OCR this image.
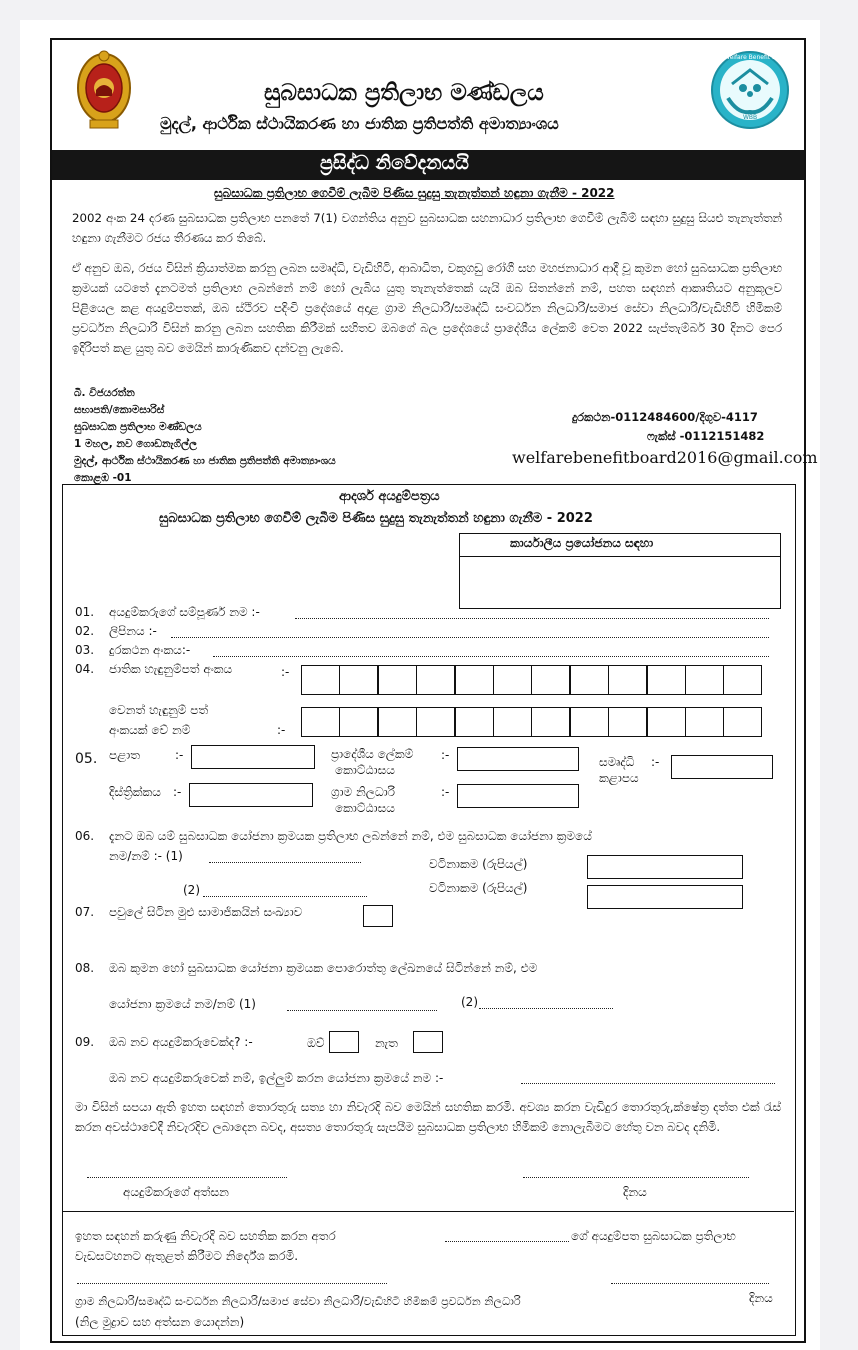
සුබසාධක ප්‍රතිලාභ මණ්ඩලය
මුදල්, ආර්ථික ස්ථායිකරණ හා ජාතික ප්‍රතිපත්ති අමාත්‍යාංශය
Welfare Benefit Board
WBB
ප්‍රසිද්ධ නිවේදනයයි
සුබසාධක ප්‍රතිලාභ ගෙවීම් ලැබීම පිණිස සුදුසු තැනැත්තන් හඳුනා ගැනීම - 2022
2002 අංක 24 දරණ සුබසාධක ප්‍රතිලාභ පනතේ 7(1) වගන්තිය අනුව සුබසාධක සහනාධාර ප්‍රතිලාභ ගෙවීම් ලැබීම් සඳහා සුදුසු සියළු තැනැත්තන් හඳුනා ගැනීමට රජය තීරණය කර තිබේ.
ඒ අනුව ඔබ, රජය විසින් ක්‍රියාත්මක කරනු ලබන සමෘද්ධි, වැඩිහිටි, ආබාධිත, වකුගඩු රෝගී සහ මහජනාධාර ආදී වූ කුමන හෝ සුබසාධක ප්‍රතිලාභ ක්‍රමයක් යටතේ දැනටමත් ප්‍රතිලාභ ලබන්නේ නම් හෝ ලැබිය යුතු තැනැත්තෙක් යැයි ඔබ සිතන්නේ නම්, පහත සඳහන් ආකෘතියට අනුකූලව පිළියෙල කළ අයදුම්පතක්, ඔබ ස්ථිරව පදිංචි ප්‍රදේශයේ අදාළ ග්‍රාම නිලධාරි/සමෘද්ධි සංවර්ධන නිලධාරි/සමාජ සේවා නිලධාරි/වැඩිහිටි හිමිකම් ප්‍රවර්ධන නිලධාරි විසින් කරනු ලබන සහතික කිරීමක් සහිතව ඔබගේ බල ප්‍රදේශයේ ප්‍රාදේශීය ලේකම් වෙත 2022 සැප්තැම්බර් 30 දිනට පෙර ඉදිරිපත් කළ යුතු බව මෙයින් කාරුණිකව දන්වනු ලැබේ.
බී. විජයරත්න
සභාපති/කොමසාරිස්
සුබසාධක ප්‍රතිලාභ මණ්ඩලය
1 මහල, නව ගොඩනැගිල්ල
මුදල්, ආර්ථික ස්ථායිකරණ හා ජාතික ප්‍රතිපත්ති අමාත්‍යාංශය
කොළඹ -01
දුරකථන-0112484600/දිගුව-4117
ෆැක්ස් -0112151482
welfarebenefitboard2016@gmail.com
ආදර්ශ අයදුම්පත්‍රය
සුබසාධක ප්‍රතිලාභ ගෙවීම් ලැබීම පිණිස සුදුසු තැනැත්තන් හඳුනා ගැනීම - 2022
කාර්යාලීය ප්‍රයෝජනය සඳහා
01. අයදුම්කරුගේ සම්පූර්ණ නම :-
02. ලිපිනය :-
03. දුරකථන අංකය:-
04. ජාතික හැඳුනුම්පත් අංකය	:-
වෙනත් හැඳුනුම් පත්
අංකයක් වේ නම්	:-
05. පළාත	:-	ප්‍රාදේශීය ලේකම්
කොට්ඨාසය
:-	සමෘද්ධි
කළාපය
:-
දිස්ත්‍රික්කය :-	ග්‍රාම නිලධාරි
කොට්ඨාසය
:-
06. දැනට ඔබ යම් සුබසාධක යෝජනා ක්‍රමයක ප්‍රතිලාභ ලබන්නේ නම්, එම සුබසාධක යෝජනා ක්‍රමයේ
නම/නම් :- (1)
වටිනාකම (රුපියල්)
(2)	වටිනාකම (රුපියල්)
07. පවුලේ සිටින මුළු සාමාජිකයින් සංඛ්‍යාව
08. ඔබ කුමන හෝ සුබසාධක යෝජනා ක්‍රමයක පොරොත්තු ලේඛනයේ සිටින්නේ නම්, එම
යෝජනා ක්‍රමයේ නම/නම් (1)	(2)
09. ඔබ නව අයදුම්කරුවෙක්ද? :-	ඔව්	නැත
ඔබ නව අයදුම්කරුවෙක් නම්, ඉල්ලුම් කරන යෝජනා ක්‍රමයේ නම :-
මා විසින් සපයා ඇති ඉහත සඳහන් තොරතුරු සත්‍ය හා නිවැරදි බව මෙයින් සහතික කරමි. අවශ්‍ය කරන වැඩිදුර තොරතුරු,ක්ෂේත්‍ර දත්ත එක් රැස් කරන අවස්ථාවේදී නිවැරදිව ලබාදෙන බවද, අසත්‍ය තොරතුරු සැපයීම සුබසාධක ප්‍රතිලාභ හිමිකම් නොලැබීමට හේතු වන බවද දනිමි.
අයදුම්කරුගේ අත්සන	දිනය
ඉහත සඳහන් කරුණු නිවැරදි බව සහතික කරන අතර	ගේ අයදුම්පත සුබසාධක ප්‍රතිලාභ
වැඩසටහනට ඇතුළත් කිරීමට නිර්දේශ කරමි.
ග්‍රාම නිලධාරි/සමෘද්ධි සංවර්ධන නිලධාරි/සමාජ සේවා නිලධාරි/වැඩිහිටි හිමිකම් ප්‍රවර්ධන නිලධාරි	දිනය
(නිල මුද්‍රාව සහ අත්සන යොදන්න)
